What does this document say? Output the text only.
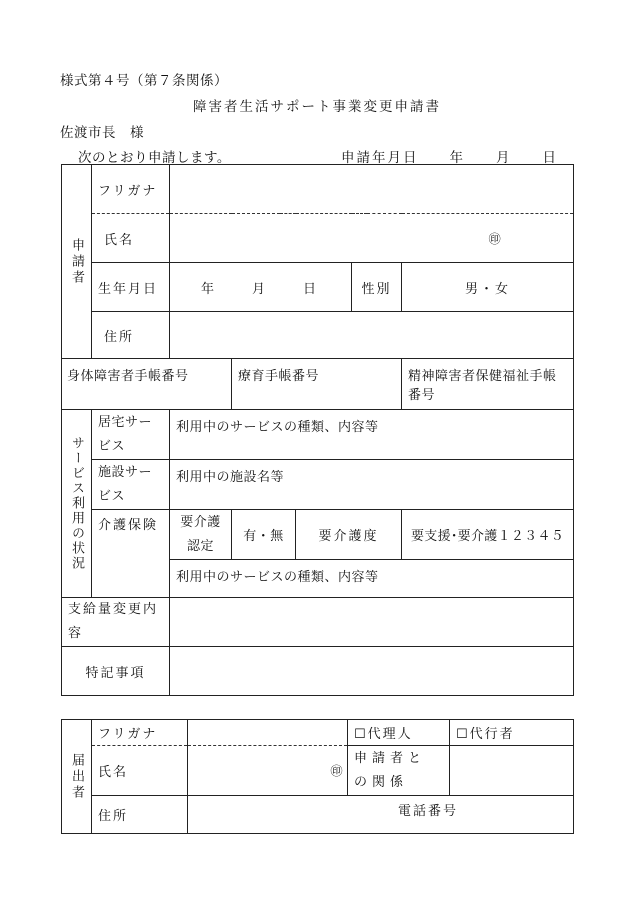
様式第４号（第７条関係）
障害者生活サポート事業変更申請書
佐渡市長　様
次のとおり申請します。	申請年月日　　年　　月　　日
申請者	フリガナ					
	氏名	㊞				
	生年月日	年　　月　　日			性別	男・女
	住所					
身体障害者手帳番号			療育手帳番号			精神障害者保健福祉手帳番号
サービス利用の状況	居宅サービス	利用中のサービスの種類、内容等				
	施設サービス	利用中の施設名等				
	介護保険	要介護認定	有・無	要介護度		要支援･要介護１２３４５
		利用中のサービスの種類、内容等				
支給量変更内容						
特記事項						
届出者	フリガナ		☐代理人	☐代行者
	氏名	㊞	申請者との関係	
	住所	電話番号		
